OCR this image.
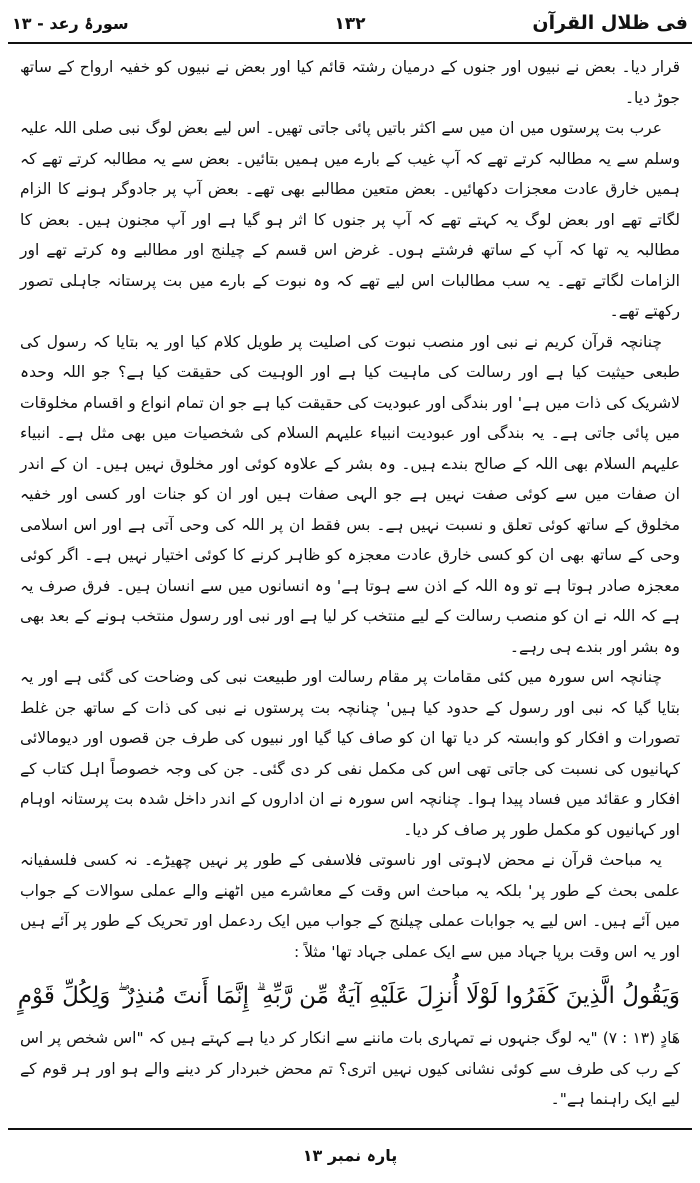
فی ظلال القرآن
١٣٢
سورۂ رعد - ١٣

قرار دیا۔ بعض نے نبیوں اور جنوں کے درمیان رشتہ قائم کیا اور بعض نے نبیوں کو خفیہ ارواح کے ساتھ جوڑ دیا۔

عرب بت پرستوں میں ان میں سے اکثر باتیں پائی جاتی تھیں۔ اس لیے بعض لوگ نبی صلی اللہ علیہ وسلم سے یہ مطالبہ کرتے تھے کہ آپ غیب کے بارے میں ہمیں بتائیں۔ بعض سے یہ مطالبہ کرتے تھے کہ ہمیں خارق عادت معجزات دکھائیں۔ بعض متعین مطالبے بھی تھے۔ بعض آپ پر جادوگر ہونے کا الزام لگاتے تھے اور بعض لوگ یہ کہتے تھے کہ آپ پر جنوں کا اثر ہو گیا ہے اور آپ مجنون ہیں۔ بعض کا مطالبہ یہ تھا کہ آپ کے ساتھ فرشتے ہوں۔ غرض اس قسم کے چیلنج اور مطالبے وہ کرتے تھے اور الزامات لگاتے تھے۔ یہ سب مطالبات اس لیے تھے کہ وہ نبوت کے بارے میں بت پرستانہ جاہلی تصور رکھتے تھے۔

چنانچہ قرآن کریم نے نبی اور منصب نبوت کی اصلیت پر طویل کلام کیا اور یہ بتایا کہ رسول کی طبعی حیثیت کیا ہے اور رسالت کی ماہیت کیا ہے اور الوہیت کی حقیقت کیا ہے؟ جو اللہ وحدہ لاشریک کی ذات میں ہے' اور بندگی اور عبودیت کی حقیقت کیا ہے جو ان تمام انواع و اقسام مخلوقات میں پائی جاتی ہے۔ یہ بندگی اور عبودیت انبیاء علیہم السلام کی شخصیات میں بھی مثل ہے۔ انبیاء علیہم السلام بھی اللہ کے صالح بندے ہیں۔ وہ بشر کے علاوہ کوئی اور مخلوق نہیں ہیں۔ ان کے اندر ان صفات میں سے کوئی صفت نہیں ہے جو الہی صفات ہیں اور ان کو جنات اور کسی اور خفیہ مخلوق کے ساتھ کوئی تعلق و نسبت نہیں ہے۔ بس فقط ان پر اللہ کی وحی آتی ہے اور اس اسلامی وحی کے ساتھ بھی ان کو کسی خارق عادت معجزہ کو ظاہر کرنے کا کوئی اختیار نہیں ہے۔ اگر کوئی معجزہ صادر ہوتا ہے تو وہ اللہ کے اذن سے ہوتا ہے' وہ انسانوں میں سے انسان ہیں۔ فرق صرف یہ ہے کہ اللہ نے ان کو منصب رسالت کے لیے منتخب کر لیا ہے اور نبی اور رسول منتخب ہونے کے بعد بھی وہ بشر اور بندے ہی رہے۔

چنانچہ اس سورہ میں کئی مقامات پر مقام رسالت اور طبیعت نبی کی وضاحت کی گئی ہے اور یہ بتایا گیا کہ نبی اور رسول کے حدود کیا ہیں' چنانچہ بت پرستوں نے نبی کی ذات کے ساتھ جن غلط تصورات و افکار کو وابستہ کر دیا تھا ان کو صاف کیا گیا اور نبیوں کی طرف جن قصوں اور دیومالائی کہانیوں کی نسبت کی جاتی تھی اس کی مکمل نفی کر دی گئی۔ جن کی وجہ خصوصاً اہل کتاب کے افکار و عقائد میں فساد پیدا ہوا۔ چنانچہ اس سورہ نے ان اداروں کے اندر داخل شدہ بت پرستانہ اوہام اور کہانیوں کو مکمل طور پر صاف کر دیا۔

یہ مباحث قرآن نے محض لاہوتی اور ناسوتی فلاسفی کے طور پر نہیں چھیڑے۔ نہ کسی فلسفیانہ علمی بحث کے طور پر' بلکہ یہ مباحث اس وقت کے معاشرے میں اٹھنے والے عملی سوالات کے جواب میں آئے ہیں۔ اس لیے یہ جوابات عملی چیلنج کے جواب میں ایک ردعمل اور تحریک کے طور پر آئے ہیں اور یہ اس وقت برپا جہاد میں سے ایک عملی جہاد تھا' مثلاً :

وَيَقُولُ الَّذِينَ كَفَرُوا لَوْلَا أُنزِلَ عَلَيْهِ آيَةٌ مِّن رَّبِّهِ ۗ إِنَّمَا أَنتَ مُنذِرٌ ۖ وَلِكُلِّ قَوْمٍ

هَادٍ (١٣ : ٧) "یہ لوگ جنہوں نے تمہاری بات ماننے سے انکار کر دیا ہے کہتے ہیں کہ "اس شخص پر اس کے رب کی طرف سے کوئی نشانی کیوں نہیں اتری؟ تم محض خبردار کر دینے والے ہو اور ہر قوم کے لیے ایک راہنما ہے"۔

پارہ نمبر ١٣
